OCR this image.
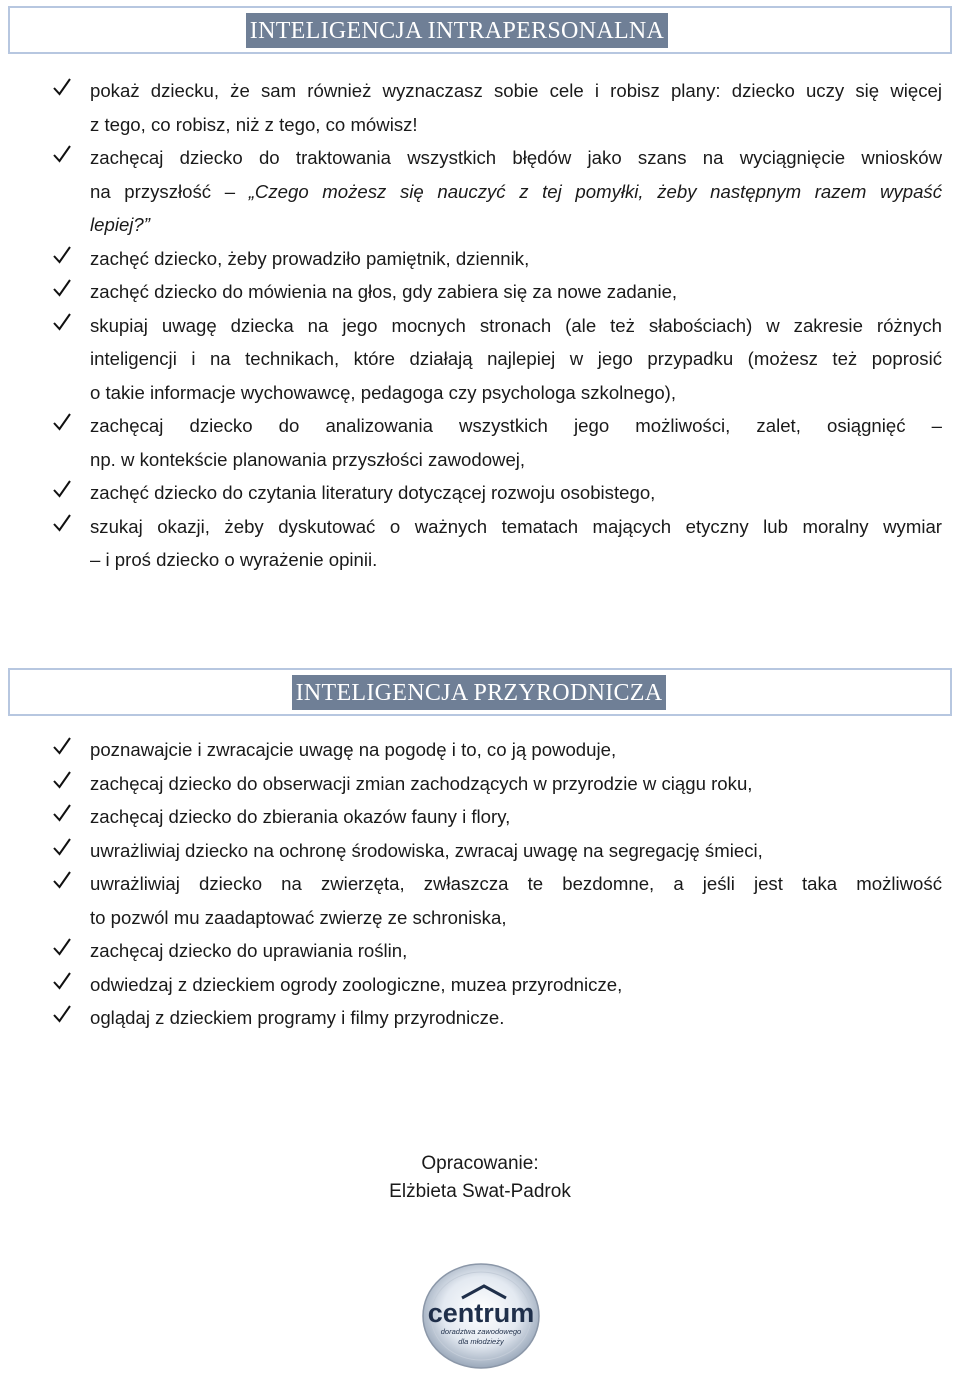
INTELIGENCJA INTRAPERSONALNA
pokaż dziecku, że sam również wyznaczasz sobie cele i robisz plany: dziecko uczy się więcej
z tego, co robisz, niż z tego, co mówisz!
zachęcaj dziecko do traktowania wszystkich błędów jako szans na wyciągnięcie wniosków
na przyszłość – „Czego możesz się nauczyć z tej pomyłki, żeby następnym razem wypaść
lepiej?”
zachęć dziecko, żeby prowadziło pamiętnik, dziennik,
zachęć dziecko do mówienia na głos, gdy zabiera się za nowe zadanie,
skupiaj uwagę dziecka na jego mocnych stronach (ale też słabościach) w zakresie różnych
inteligencji i na technikach, które działają najlepiej w jego przypadku (możesz też poprosić
o takie informacje wychowawcę, pedagoga czy psychologa szkolnego),
zachęcaj dziecko do analizowania wszystkich jego możliwości, zalet, osiągnięć –
np. w kontekście planowania przyszłości zawodowej,
zachęć dziecko do czytania literatury dotyczącej rozwoju osobistego,
szukaj okazji, żeby dyskutować o ważnych tematach mających etyczny lub moralny wymiar
– i proś dziecko o wyrażenie opinii.
INTELIGENCJA PRZYRODNICZA
poznawajcie i zwracajcie uwagę na pogodę i to, co ją powoduje,
zachęcaj dziecko do obserwacji zmian zachodzących w przyrodzie w ciągu roku,
zachęcaj dziecko do zbierania okazów fauny i flory,
uwrażliwiaj dziecko na ochronę środowiska, zwracaj uwagę na segregację śmieci,
uwrażliwiaj dziecko na zwierzęta, zwłaszcza te bezdomne, a jeśli jest taka możliwość
to pozwól mu zaadaptować zwierzę ze schroniska,
zachęcaj dziecko do uprawiania roślin,
odwiedzaj z dzieckiem ogrody zoologiczne, muzea przyrodnicze,
oglądaj z dzieckiem programy i filmy przyrodnicze.
Opracowanie:
Elżbieta Swat-Padrok
centrum
doradztwa zawodowego
dla młodzieży
